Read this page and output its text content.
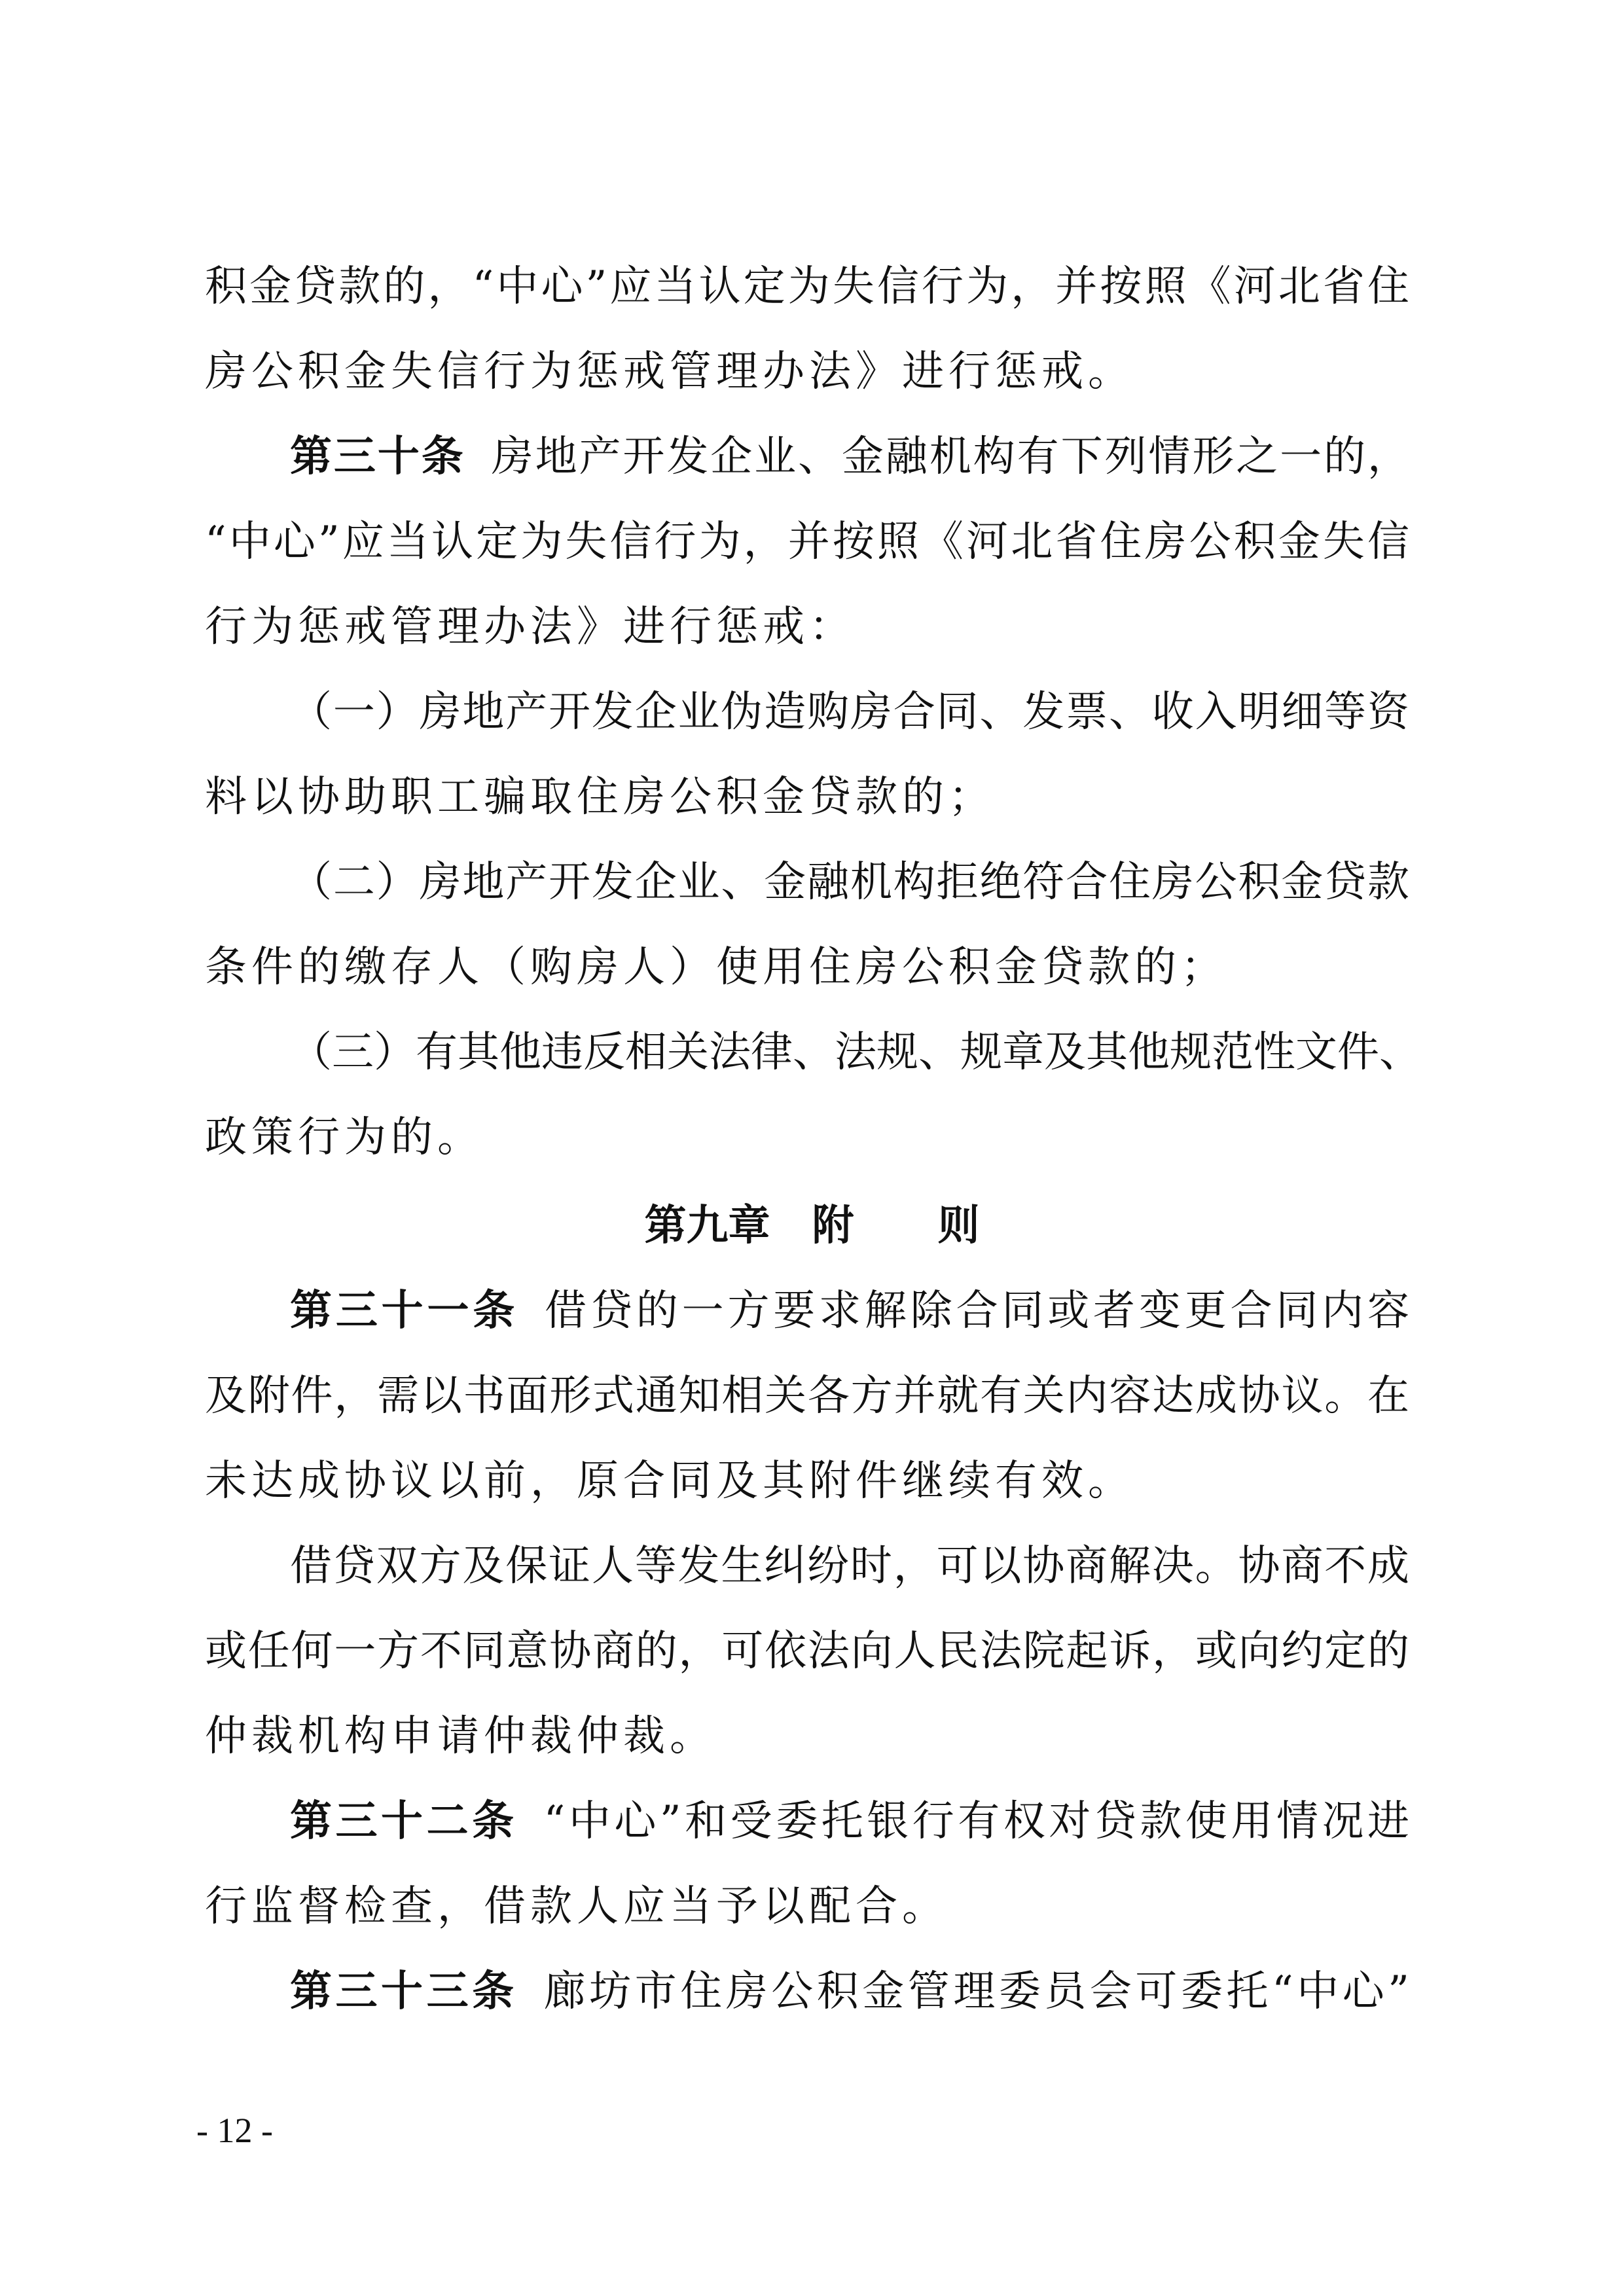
积金贷款的，“中心”应当认定为失信行为，并按照《河北省住
房公积金失信行为惩戒管理办法》进行惩戒。
第三十条 房地产开发企业、金融机构有下列情形之一的，
“中心”应当认定为失信行为，并按照《河北省住房公积金失信
行为惩戒管理办法》进行惩戒：
（一）房地产开发企业伪造购房合同、发票、收入明细等资
料以协助职工骗取住房公积金贷款的；
（二）房地产开发企业、金融机构拒绝符合住房公积金贷款
条件的缴存人（购房人）使用住房公积金贷款的；
（三）有其他违反相关法律、法规、规章及其他规范性文件、
政策行为的。
第九章　附　　则
第三十一条 借贷的一方要求解除合同或者变更合同内容
及附件，需以书面形式通知相关各方并就有关内容达成协议。在
未达成协议以前，原合同及其附件继续有效。
借贷双方及保证人等发生纠纷时，可以协商解决。协商不成
或任何一方不同意协商的，可依法向人民法院起诉，或向约定的
仲裁机构申请仲裁仲裁。
第三十二条 “中心”和受委托银行有权对贷款使用情况进
行监督检查，借款人应当予以配合。
第三十三条 廊坊市住房公积金管理委员会可委托“中心”
- 12 -
